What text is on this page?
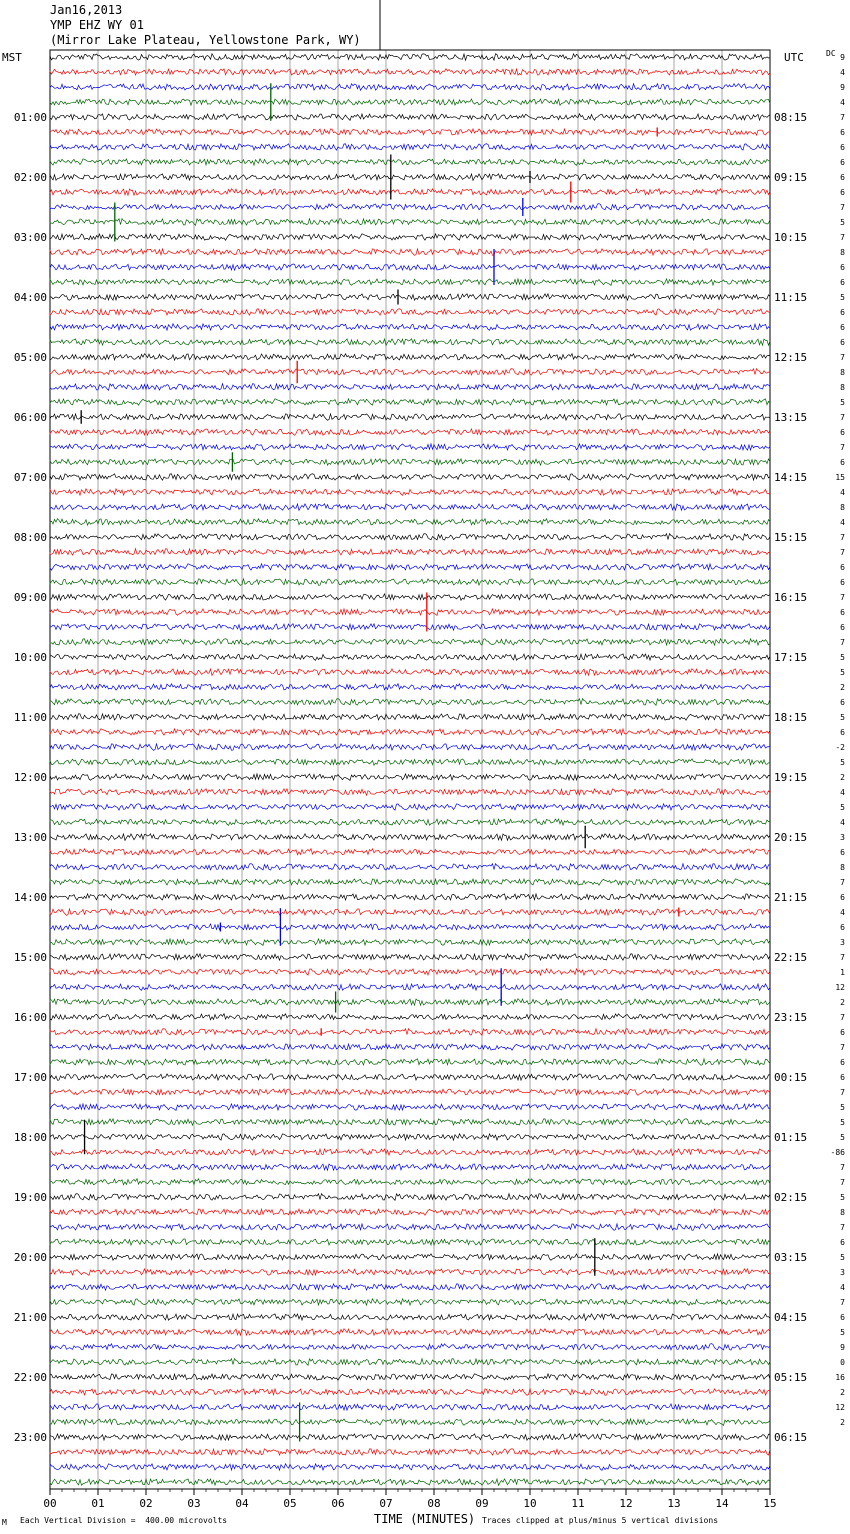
Jan16,2013
YMP EHZ WY 01
(Mirror Lake Plateau, Yellowstone Park, WY)
MST	UTC	DC
01:00	08:15
02:00	09:15
03:00	10:15
04:00	11:15
05:00	12:15
06:00	13:15
07:00	14:15
08:00	15:15
09:00	16:15
10:00	17:15
11:00	18:15
12:00	19:15
13:00	20:15
14:00	21:15
15:00	22:15
16:00	23:15
17:00	00:15
18:00	01:15
19:00	02:15
20:00	03:15
21:00	04:15
22:00	05:15
23:00	06:15
9
4
9
4
7
6
6
6
6
6
7
5
7
8
6
6
5
6
6
6
7
8
8
5
7
6
7
6
15
4
8
4
7
7
6
6
7
6
6
7
5
5
2
6
5
6
-2
5
2
4
5
4
3
6
8
7
6
4
6
3
7
1
12
2
7
6
7
6
6
7
5
5
5
-86
7
7
5
8
7
6
5
3
4
7
6
5
9
0
16
2
12
2
00	01	02	03	04	05	06	07	08	09	10	11	12	13	14	15
M Each Vertical Division =  400.00 microvolts	TIME (MINUTES) Traces clipped at plus/minus 5 vertical divisions
